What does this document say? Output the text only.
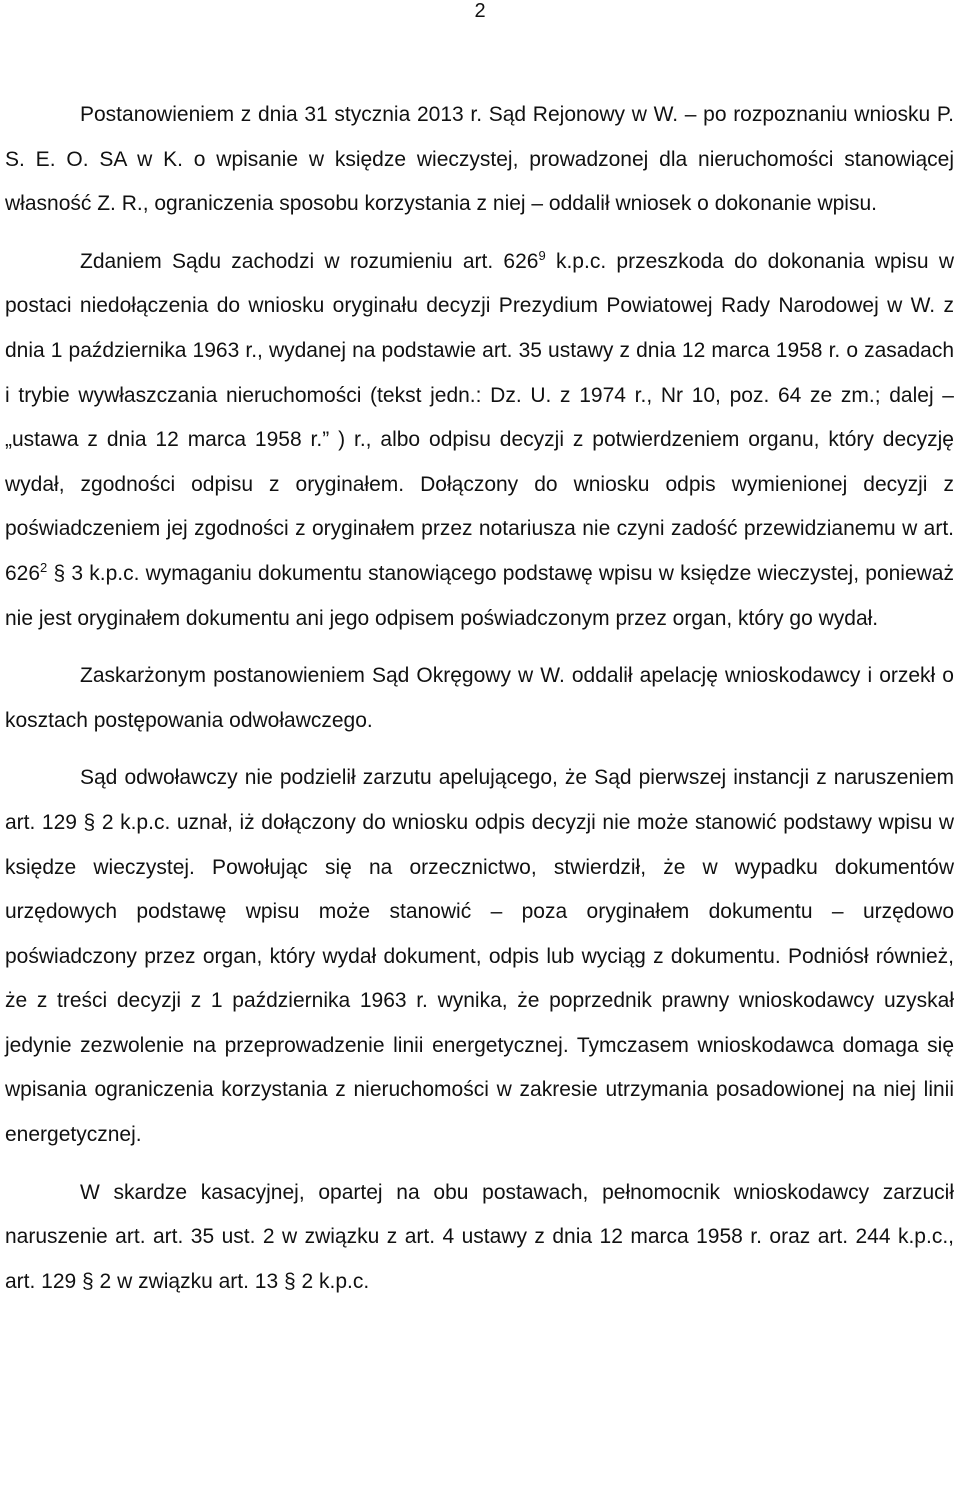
2

Postanowieniem z dnia 31 stycznia 2013 r. Sąd Rejonowy w W. – po rozpoznaniu wniosku P. S. E. O. SA w K. o wpisanie w księdze wieczystej, prowadzonej dla nieruchomości stanowiącej własność Z. R., ograniczenia sposobu korzystania z niej – oddalił wniosek o dokonanie wpisu.

Zdaniem Sądu zachodzi w rozumieniu art. $626^9$ k.p.c. przeszkoda do dokonania wpisu w postaci niedołączenia do wniosku oryginału decyzji Prezydium Powiatowej Rady Narodowej w W. z dnia 1 października 1963 r., wydanej na podstawie art. 35 ustawy z dnia 12 marca 1958 r. o zasadach i trybie wywłaszczania nieruchomości (tekst jedn.: Dz. U. z 1974 r., Nr 10, poz. 64 ze zm.; dalej – „ustawa z dnia 12 marca 1958 r.” ) r., albo odpisu decyzji z potwierdzeniem organu, który decyzję wydał, zgodności odpisu z oryginałem. Dołączony do wniosku odpis wymienionej decyzji z poświadczeniem jej zgodności z oryginałem przez notariusza nie czyni zadość przewidzianemu w art. $626^2$ § 3 k.p.c. wymaganiu dokumentu stanowiącego podstawę wpisu w księdze wieczystej, ponieważ nie jest oryginałem dokumentu ani jego odpisem poświadczonym przez organ, który go wydał.

Zaskarżonym postanowieniem Sąd Okręgowy w W. oddalił apelację wnioskodawcy i orzekł o kosztach postępowania odwoławczego.

Sąd odwoławczy nie podzielił zarzutu apelującego, że Sąd pierwszej instancji z naruszeniem art. 129 § 2 k.p.c. uznał, iż dołączony do wniosku odpis decyzji nie może stanowić podstawy wpisu w księdze wieczystej. Powołując się na orzecznictwo, stwierdził, że w wypadku dokumentów urzędowych podstawę wpisu może stanowić – poza oryginałem dokumentu – urzędowo poświadczony przez organ, który wydał dokument, odpis lub wyciąg z dokumentu. Podniósł również, że z treści decyzji z 1 października 1963 r. wynika, że poprzednik prawny wnioskodawcy uzyskał jedynie zezwolenie na przeprowadzenie linii energetycznej. Tymczasem wnioskodawca domaga się wpisania ograniczenia korzystania z nieruchomości w zakresie utrzymania posadowionej na niej linii energetycznej.

W skardze kasacyjnej, opartej na obu postawach, pełnomocnik wnioskodawcy zarzucił naruszenie art. art. 35 ust. 2 w związku z art. 4 ustawy z dnia 12 marca 1958 r. oraz art. 244 k.p.c., art. 129 § 2 w związku art. 13 § 2 k.p.c.
